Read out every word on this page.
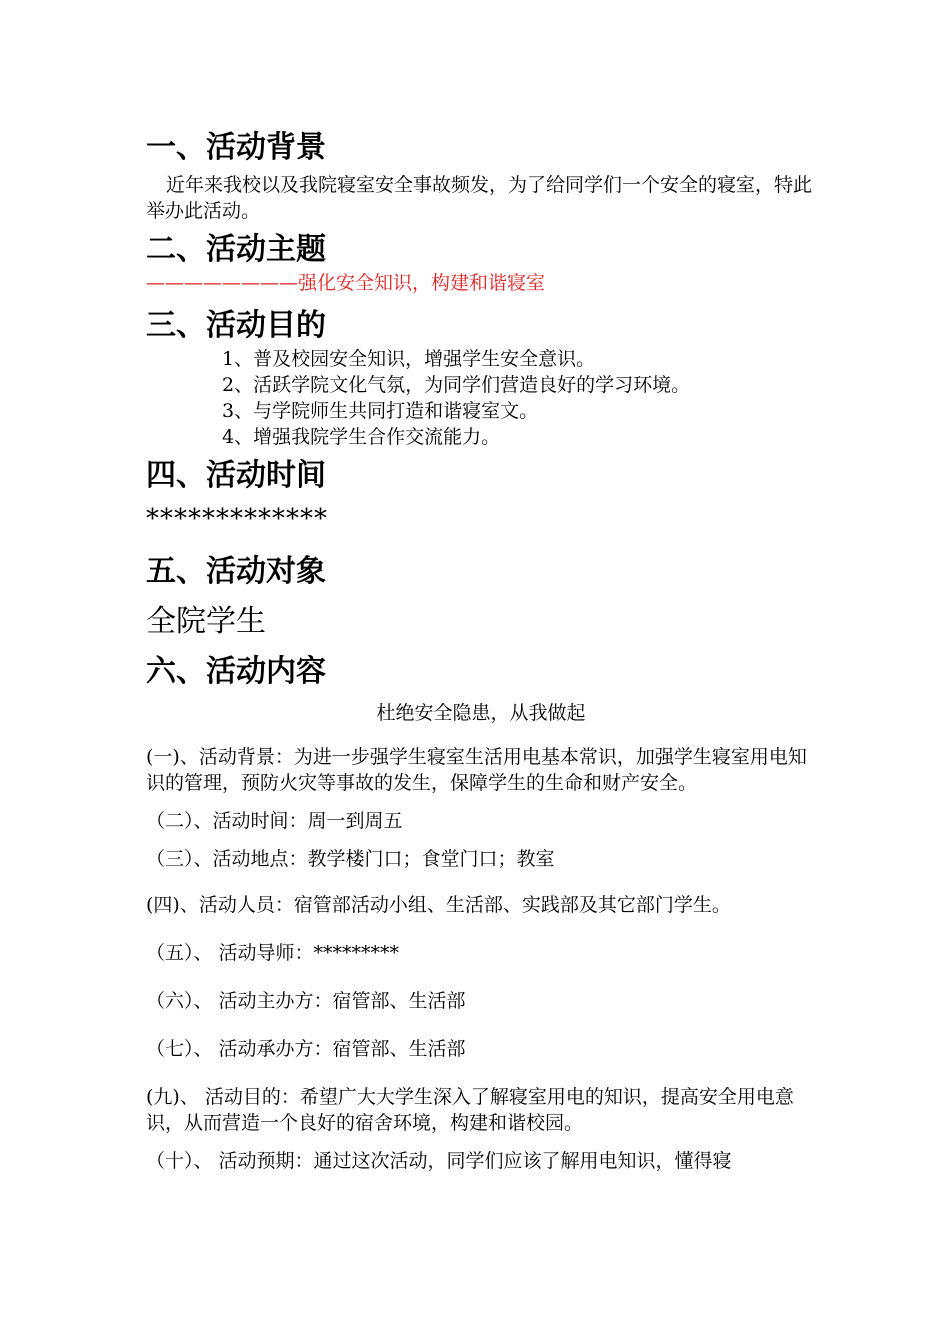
一、活动背景

近年来我校以及我院寝室安全事故频发，为了给同学们一个安全的寝室，特此举办此活动。

二、活动主题

————————强化安全知识，构建和谐寝室

三、活动目的

1、普及校园安全知识，增强学生安全意识。

2、活跃学院文化气氛，为同学们营造良好的学习环境。

3、与学院师生共同打造和谐寝室文。

4、增强我院学生合作交流能力。

四、活动时间
*************
五、活动对象
全院学生
六、活动内容

杜绝安全隐患，从我做起

(一)、活动背景：为进一步强学生寝室生活用电基本常识，加强学生寝室用电知识的管理，预防火灾等事故的发生，保障学生的生命和财产安全。

（二）、活动时间：周一到周五

（三）、活动地点：教学楼门口；食堂门口；教室

(四)、活动人员：宿管部活动小组、生活部、实践部及其它部门学生。

（五）、 活动导师：*********

（六）、 活动主办方：宿管部、生活部

（七）、 活动承办方：宿管部、生活部

(九)、 活动目的：希望广大大学生深入了解寝室用电的知识，提高安全用电意识，从而营造一个良好的宿舍环境，构建和谐校园。

（十）、 活动预期：通过这次活动，同学们应该了解用电知识，懂得寝
